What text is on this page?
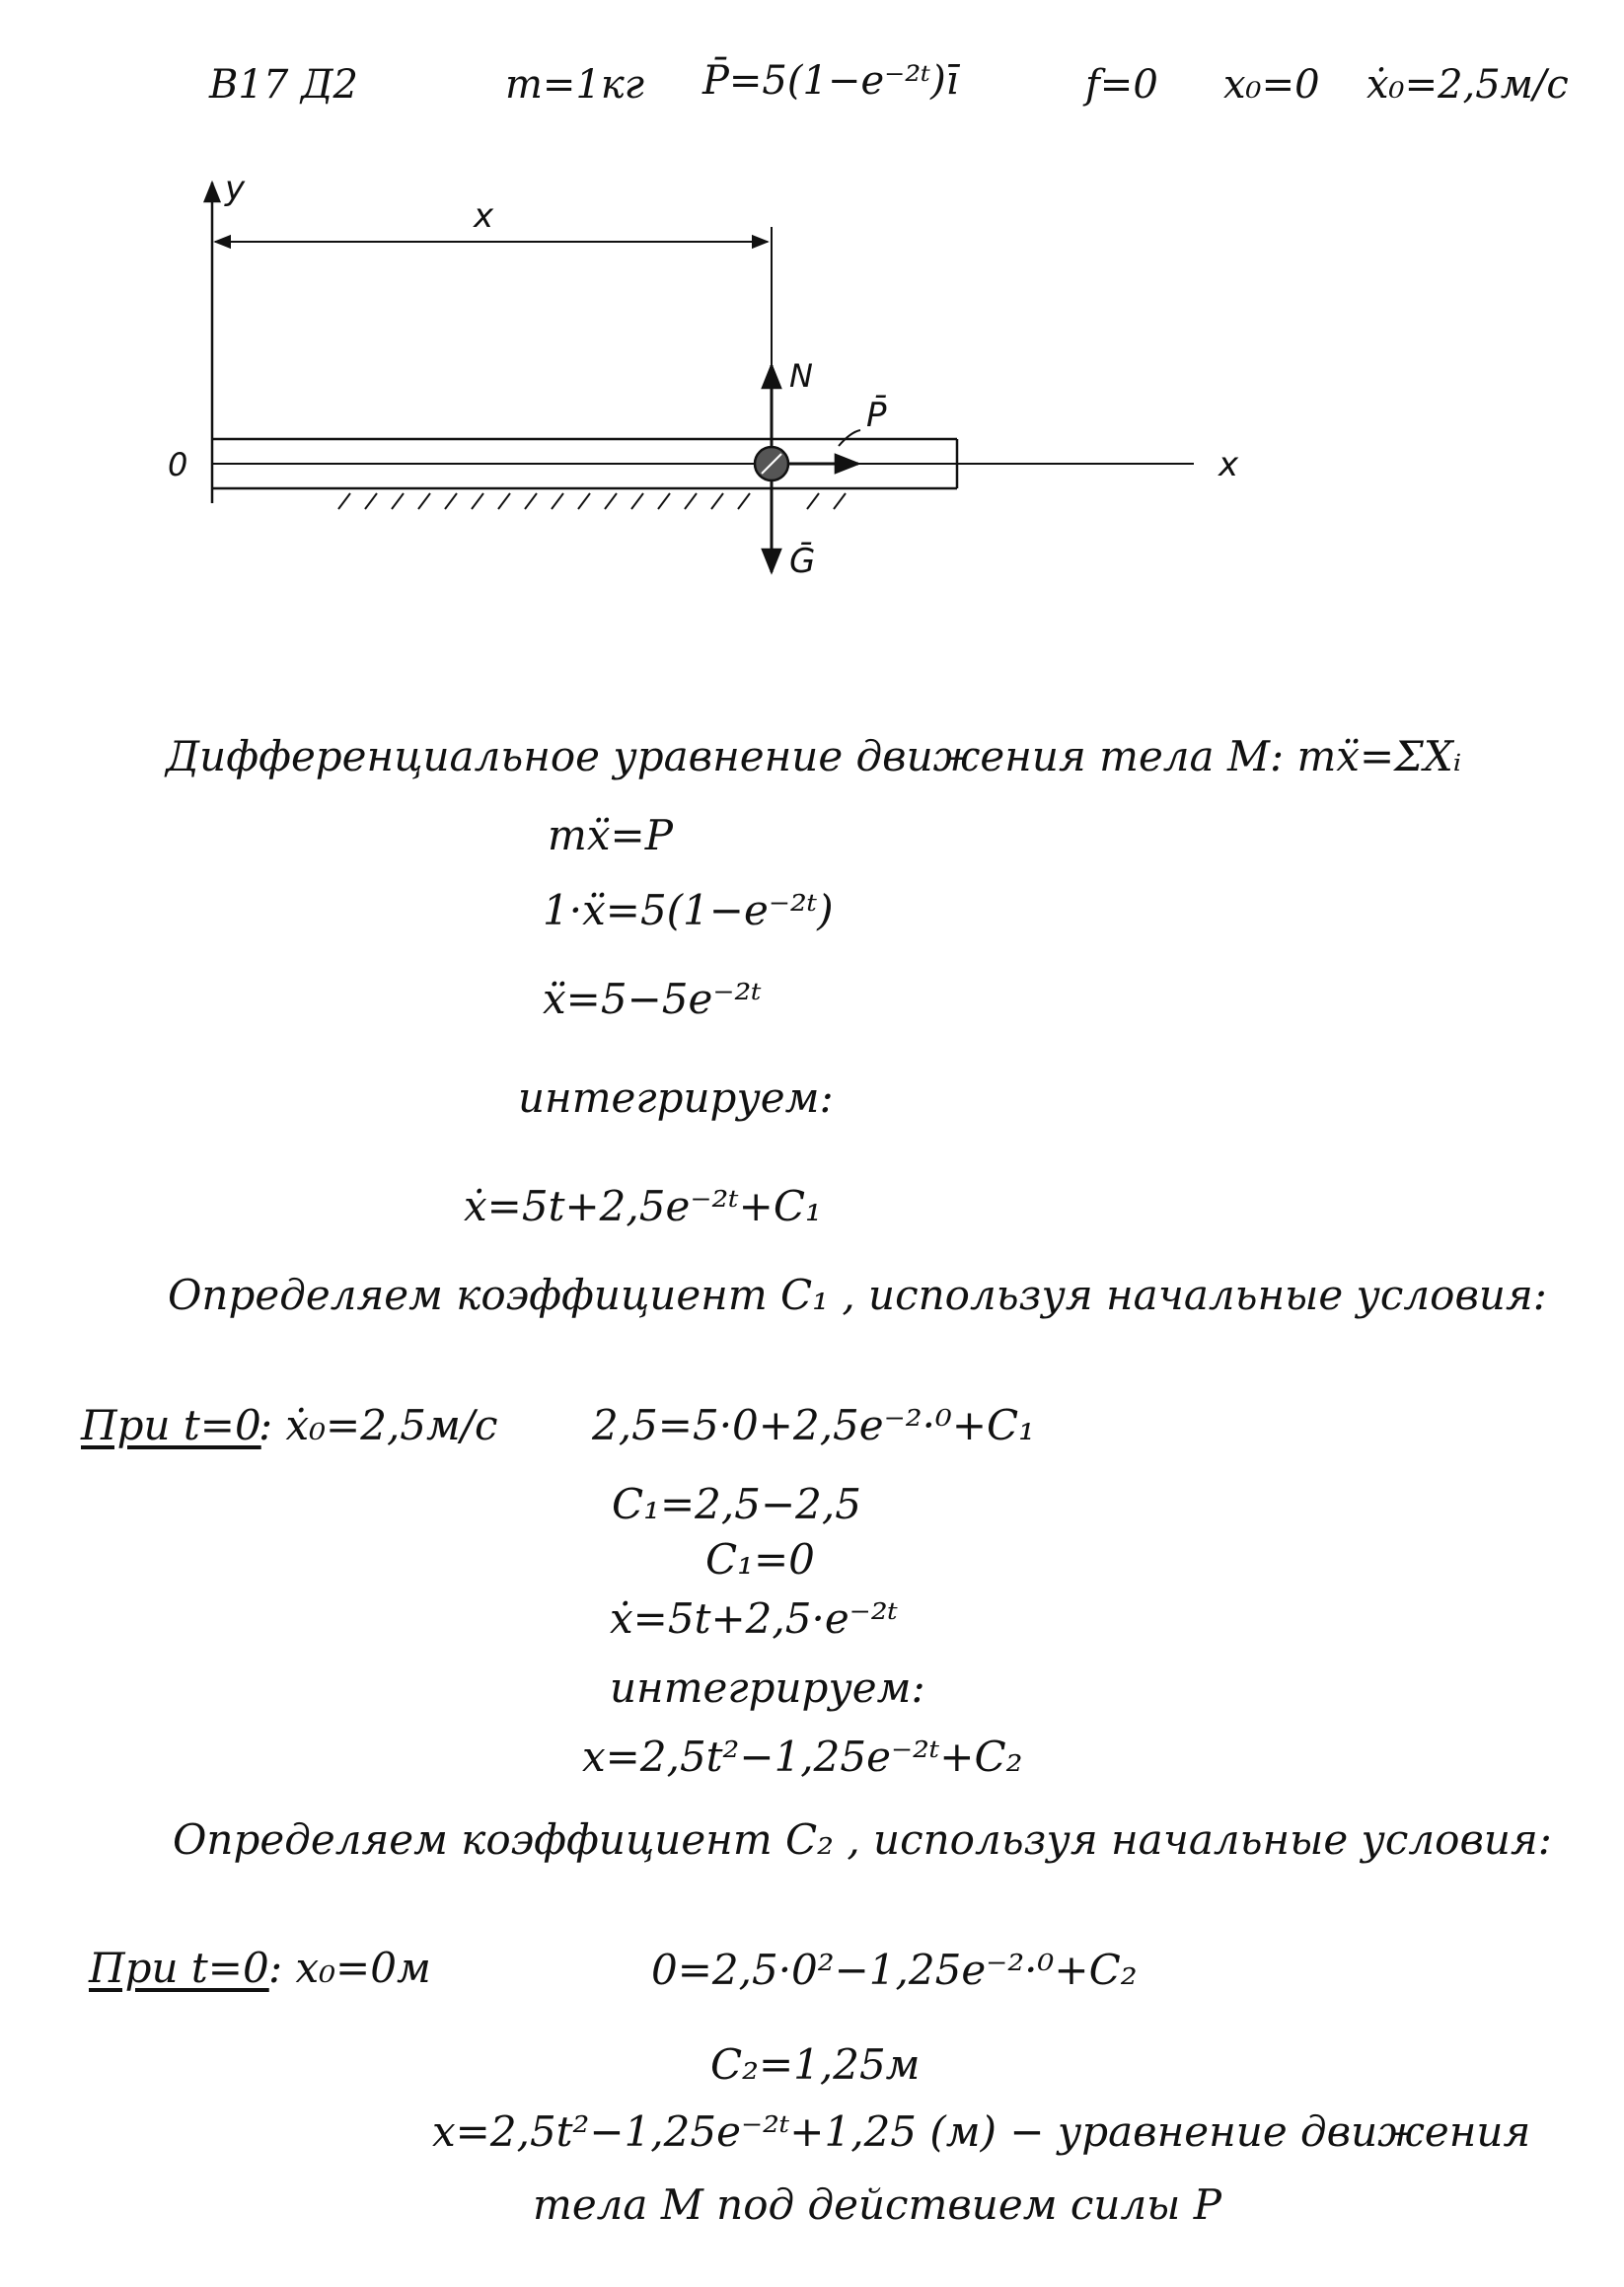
В17 Д2	m=1кг P̄=5(1−e⁻²ᵗ)ī	f=0 x₀=0 ẋ₀=2,5м/с
y
x
x
0
N
P̄
Ḡ
Дифференциальное уравнение движения тела М: mẍ=ΣXᵢ
mẍ=P
1·ẍ=5(1−e⁻²ᵗ)
ẍ=5−5e⁻²ᵗ
интегрируем:
ẋ=5t+2,5e⁻²ᵗ+C₁
Определяем коэффициент C₁ , используя начальные условия:
Пpи t=0
: ẋ₀=2,5м/с 2,5=5·0+2,5e⁻²·⁰+C₁
C₁=2,5−2,5
C₁=0
ẋ=5t+2,5·e⁻²ᵗ
интегрируем:
x=2,5t²−1,25e⁻²ᵗ+C₂
Определяем коэффициент C₂ , используя начальные условия:
Пpи t=0 : x₀=0м	0=2,5·0²−1,25e⁻²·⁰+C₂
C₂=1,25м
x=2,5t²−1,25e⁻²ᵗ+1,25 (м) − уравнение движения
тела М под действием силы P
